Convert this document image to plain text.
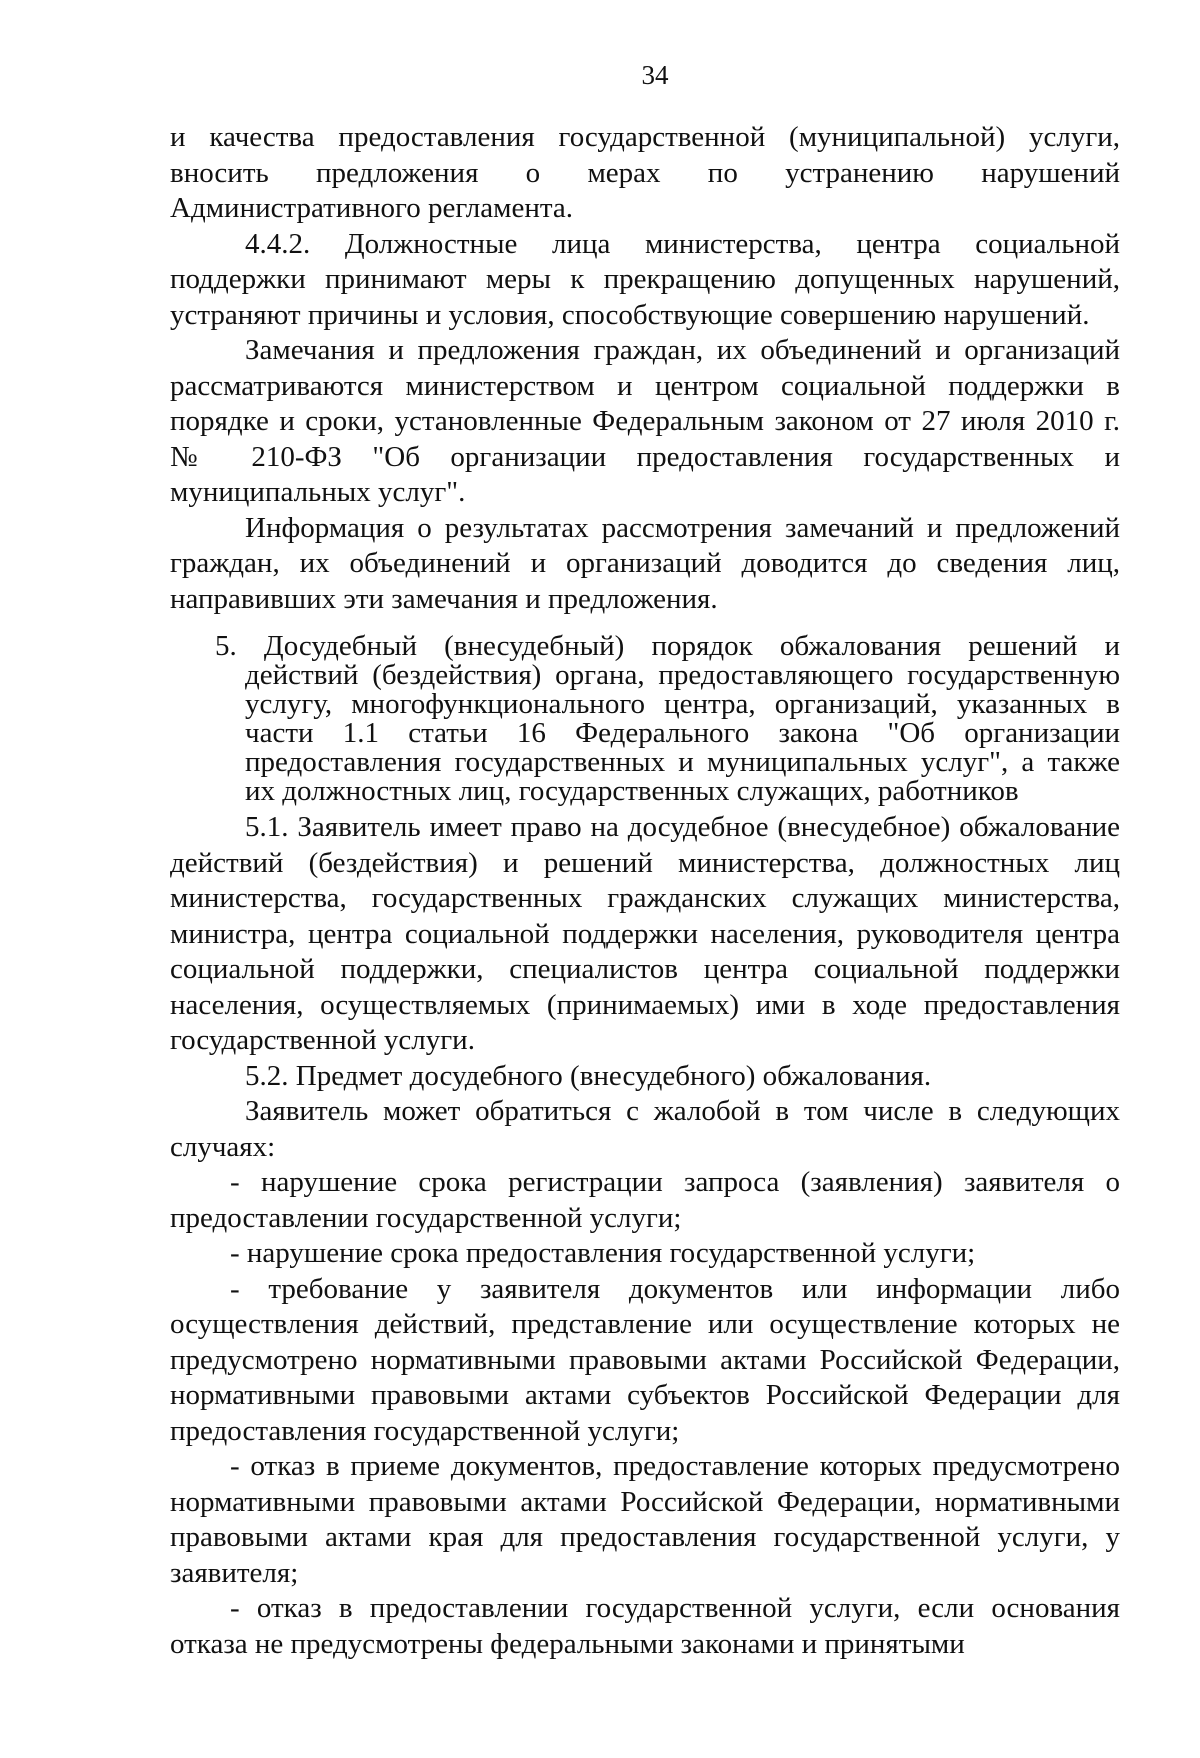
34

и качества предоставления государственной (муниципальной) услуги, вносить предложения о мерах по устранению нарушений Административного регламента.

4.4.2. Должностные лица министерства, центра социальной поддержки принимают меры к прекращению допущенных нарушений, устраняют причины и условия, способствующие совершению нарушений.

Замечания и предложения граждан, их объединений и организаций рассматриваются министерством и центром социальной поддержки в порядке и сроки, установленные Федеральным законом от 27 июля 2010 г. № 210-ФЗ "Об организации предоставления государственных и муниципальных услуг".

Информация о результатах рассмотрения замечаний и предложений граждан, их объединений и организаций доводится до сведения лиц, направивших эти замечания и предложения.

5. Досудебный (внесудебный) порядок обжалования решений и действий (бездействия) органа, предоставляющего государственную услугу, многофункционального центра, организаций, указанных в части 1.1 статьи 16 Федерального закона "Об организации предоставления государственных и муниципальных услуг", а также их должностных лиц, государственных служащих, работников

5.1. Заявитель имеет право на досудебное (внесудебное) обжалование действий (бездействия) и решений министерства, должностных лиц министерства, государственных гражданских служащих министерства, министра, центра социальной поддержки населения, руководителя центра социальной поддержки, специалистов центра социальной поддержки населения, осуществляемых (принимаемых) ими в ходе предоставления государственной услуги.

5.2. Предмет досудебного (внесудебного) обжалования.

Заявитель может обратиться с жалобой в том числе в следующих случаях:

- нарушение срока регистрации запроса (заявления) заявителя о предоставлении государственной услуги;

- нарушение срока предоставления государственной услуги;

- требование у заявителя документов или информации либо осуществления действий, представление или осуществление которых не предусмотрено нормативными правовыми актами Российской Федерации, нормативными правовыми актами субъектов Российской Федерации для предоставления государственной услуги;

- отказ в приеме документов, предоставление которых предусмотрено нормативными правовыми актами Российской Федерации, нормативными правовыми актами края для предоставления государственной услуги, у заявителя;

- отказ в предоставлении государственной услуги, если основания отказа не предусмотрены федеральными законами и принятыми
